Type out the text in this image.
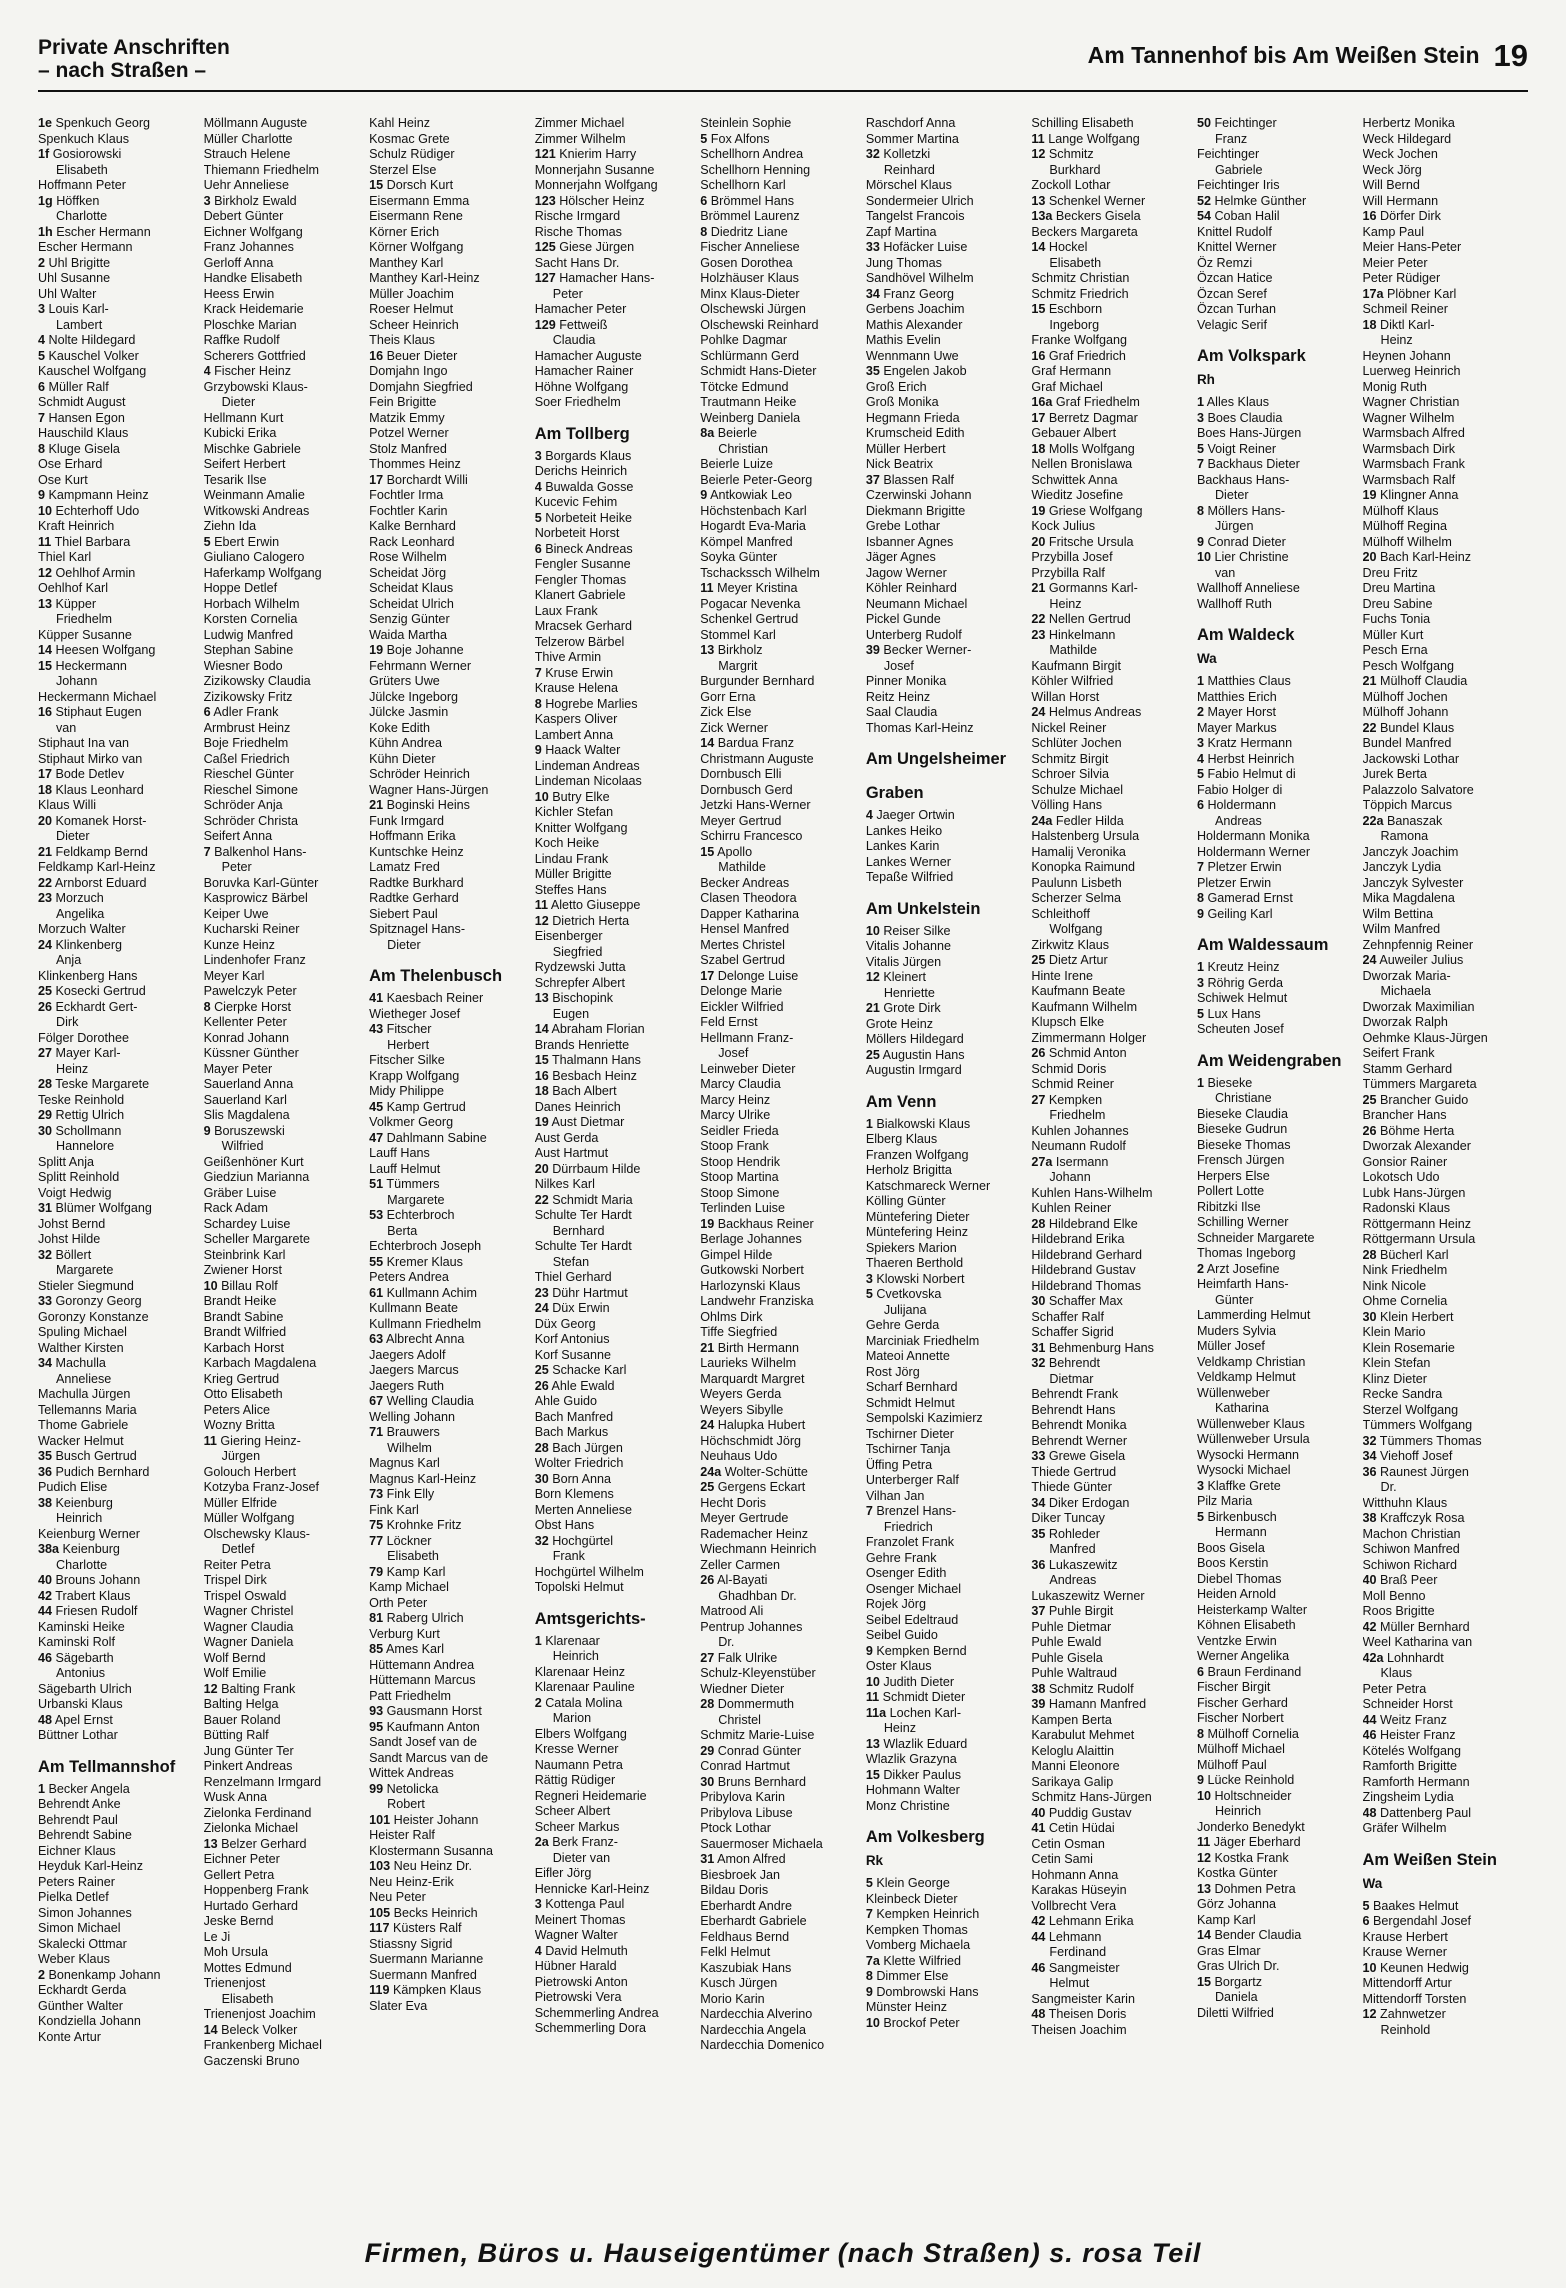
Private Anschriften
– nach Straßen –
Am Tannenhof bis Am Weißen Stein 19
1e Spenkuch Georg
Spenkuch Klaus
1f Gosiorowski
Elisabeth
Hoffmann Peter
1g Höffken
Charlotte
1h Escher Hermann
Escher Hermann
2 Uhl Brigitte
Uhl Susanne
Uhl Walter
3 Louis Karl-
Lambert
4 Nolte Hildegard
5 Kauschel Volker
Kauschel Wolfgang
6 Müller Ralf
Schmidt August
7 Hansen Egon
Hauschild Klaus
8 Kluge Gisela
Ose Erhard
Ose Kurt
9 Kampmann Heinz
10 Echterhoff Udo
Kraft Heinrich
11 Thiel Barbara
Thiel Karl
12 Oehlhof Armin
Oehlhof Karl
13 Küpper
Friedhelm
Küpper Susanne
14 Heesen Wolfgang
15 Heckermann
Johann
Heckermann Michael
16 Stiphaut Eugen
van
Stiphaut Ina van
Stiphaut Mirko van
17 Bode Detlev
18 Klaus Leonhard
Klaus Willi
20 Komanek Horst-
Dieter
21 Feldkamp Bernd
Feldkamp Karl-Heinz
22 Arnborst Eduard
23 Morzuch
Angelika
Morzuch Walter
24 Klinkenberg
Anja
Klinkenberg Hans
25 Kosecki Gertrud
26 Eckhardt Gert-
Dirk
Fölger Dorothee
27 Mayer Karl-
Heinz
28 Teske Margarete
Teske Reinhold
29 Rettig Ulrich
30 Schollmann
Hannelore
Splitt Anja
Splitt Reinhold
Voigt Hedwig
31 Blümer Wolfgang
Johst Bernd
Johst Hilde
32 Böllert
Margarete
Stieler Siegmund
33 Goronzy Georg
Goronzy Konstanze
Spuling Michael
Walther Kirsten
34 Machulla
Anneliese
Machulla Jürgen
Tellemanns Maria
Thome Gabriele
Wacker Helmut
35 Busch Gertrud
36 Pudich Bernhard
Pudich Elise
38 Keienburg
Heinrich
Keienburg Werner
38a Keienburg
Charlotte
40 Brouns Johann
42 Trabert Klaus
44 Friesen Rudolf
Kaminski Heike
Kaminski Rolf
46 Sägebarth
Antonius
Sägebarth Ulrich
Urbanski Klaus
48 Apel Ernst
Büttner Lothar
Am Tellmannshof
1 Becker Angela
Behrendt Anke
Behrendt Paul
Behrendt Sabine
Eichner Klaus
Heyduk Karl-Heinz
Peters Rainer
Pielka Detlef
Simon Johannes
Simon Michael
Skalecki Ottmar
Weber Klaus
2 Bonenkamp Johann
Eckhardt Gerda
Günther Walter
Kondziella Johann
Konte Artur
Möllmann Auguste
Müller Charlotte
Strauch Helene
Thiemann Friedhelm
Uehr Anneliese
3 Birkholz Ewald
Debert Günter
Eichner Wolfgang
Franz Johannes
Gerloff Anna
Handke Elisabeth
Heess Erwin
Krack Heidemarie
Ploschke Marian
Raffke Rudolf
Scherers Gottfried
4 Fischer Heinz
Grzybowski Klaus-
Dieter
Hellmann Kurt
Kubicki Erika
Mischke Gabriele
Seifert Herbert
Tesarik Ilse
Weinmann Amalie
Witkowski Andreas
Ziehn Ida
5 Ebert Erwin
Giuliano Calogero
Haferkamp Wolfgang
Hoppe Detlef
Horbach Wilhelm
Korsten Cornelia
Ludwig Manfred
Stephan Sabine
Wiesner Bodo
Zizikowsky Claudia
Zizikowsky Fritz
6 Adler Frank
Armbrust Heinz
Boje Friedhelm
Caßel Friedrich
Rieschel Günter
Rieschel Simone
Schröder Anja
Schröder Christa
Seifert Anna
7 Balkenhol Hans-
Peter
Boruvka Karl-Günter
Kasprowicz Bärbel
Keiper Uwe
Kucharski Reiner
Kunze Heinz
Lindenhofer Franz
Meyer Karl
Pawelczyk Peter
8 Cierpke Horst
Kellenter Peter
Konrad Johann
Küssner Günther
Mayer Peter
Sauerland Anna
Sauerland Karl
Slis Magdalena
9 Boruszewski
Wilfried
Geißenhöner Kurt
Giedziun Marianna
Gräber Luise
Rack Adam
Schardey Luise
Scheller Margarete
Steinbrink Karl
Zwiener Horst
10 Billau Rolf
Brandt Heike
Brandt Sabine
Brandt Wilfried
Karbach Horst
Karbach Magdalena
Krieg Gertrud
Otto Elisabeth
Peters Alice
Wozny Britta
11 Giering Heinz-
Jürgen
Golouch Herbert
Kotzyba Franz-Josef
Müller Elfride
Müller Wolfgang
Olschewsky Klaus-
Detlef
Reiter Petra
Trispel Dirk
Trispel Oswald
Wagner Christel
Wagner Claudia
Wagner Daniela
Wolf Bernd
Wolf Emilie
12 Balting Frank
Balting Helga
Bauer Roland
Bütting Ralf
Jung Günter Ter
Pinkert Andreas
Renzelmann Irmgard
Wusk Anna
Zielonka Ferdinand
Zielonka Michael
13 Belzer Gerhard
Eichner Peter
Gellert Petra
Hoppenberg Frank
Hurtado Gerhard
Jeske Bernd
Le Ji
Moh Ursula
Mottes Edmund
Trienenjost
Elisabeth
Trienenjost Joachim
14 Beleck Volker
Frankenberg Michael
Gaczenski Bruno
Kahl Heinz
Kosmac Grete
Schulz Rüdiger
Sterzel Else
15 Dorsch Kurt
Eisermann Emma
Eisermann Rene
Körner Erich
Körner Wolfgang
Manthey Karl
Manthey Karl-Heinz
Müller Joachim
Roeser Helmut
Scheer Heinrich
Theis Klaus
16 Beuer Dieter
Domjahn Ingo
Domjahn Siegfried
Fein Brigitte
Matzik Emmy
Potzel Werner
Stolz Manfred
Thommes Heinz
17 Borchardt Willi
Fochtler Irma
Fochtler Karin
Kalke Bernhard
Rack Leonhard
Rose Wilhelm
Scheidat Jörg
Scheidat Klaus
Scheidat Ulrich
Senzig Günter
Waida Martha
19 Boje Johanne
Fehrmann Werner
Grüters Uwe
Jülcke Ingeborg
Jülcke Jasmin
Koke Edith
Kühn Andrea
Kühn Dieter
Schröder Heinrich
Wagner Hans-Jürgen
21 Boginski Heins
Funk Irmgard
Hoffmann Erika
Kuntschke Heinz
Lamatz Fred
Radtke Burkhard
Radtke Gerhard
Siebert Paul
Spitznagel Hans-
Dieter
Am Thelenbusch
41 Kaesbach Reiner
Wietheger Josef
43 Fitscher
Herbert
Fitscher Silke
Krapp Wolfgang
Midy Philippe
45 Kamp Gertrud
Volkmer Georg
47 Dahlmann Sabine
Lauff Hans
Lauff Helmut
51 Tümmers
Margarete
53 Echterbroch
Berta
Echterbroch Joseph
55 Kremer Klaus
Peters Andrea
61 Kullmann Achim
Kullmann Beate
Kullmann Friedhelm
63 Albrecht Anna
Jaegers Adolf
Jaegers Marcus
Jaegers Ruth
67 Welling Claudia
Welling Johann
71 Brauwers
Wilhelm
Magnus Karl
Magnus Karl-Heinz
73 Fink Elly
Fink Karl
75 Krohnke Fritz
77 Löckner
Elisabeth
79 Kamp Karl
Kamp Michael
Orth Peter
81 Raberg Ulrich
Verburg Kurt
85 Ames Karl
Hüttemann Andrea
Hüttemann Marcus
Patt Friedhelm
93 Gausmann Horst
95 Kaufmann Anton
Sandt Josef van de
Sandt Marcus van de
Wittek Andreas
99 Netolicka
Robert
101 Heister Johann
Heister Ralf
Klostermann Susanna
103 Neu Heinz Dr.
Neu Heinz-Erik
Neu Peter
105 Becks Heinrich
117 Küsters Ralf
Stiassny Sigrid
Suermann Marianne
Suermann Manfred
119 Kämpken Klaus
Slater Eva
Zimmer Michael
Zimmer Wilhelm
121 Knierim Harry
Monnerjahn Susanne
Monnerjahn Wolfgang
123 Hölscher Heinz
Rische Irmgard
Rische Thomas
125 Giese Jürgen
Sacht Hans Dr.
127 Hamacher Hans-
Peter
Hamacher Peter
129 Fettweiß
Claudia
Hamacher Auguste
Hamacher Rainer
Höhne Wolfgang
Soer Friedhelm
Am Tollberg
3 Borgards Klaus
Derichs Heinrich
4 Buwalda Gosse
Kucevic Fehim
5 Norbeteit Heike
Norbeteit Horst
6 Bineck Andreas
Fengler Susanne
Fengler Thomas
Klanert Gabriele
Laux Frank
Mracsek Gerhard
Telzerow Bärbel
Thive Armin
7 Kruse Erwin
Krause Helena
8 Hogrebe Marlies
Kaspers Oliver
Lambert Anna
9 Haack Walter
Lindeman Andreas
Lindeman Nicolaas
10 Butry Elke
Kichler Stefan
Knitter Wolfgang
Koch Heike
Lindau Frank
Müller Brigitte
Steffes Hans
11 Aletto Giuseppe
12 Dietrich Herta
Eisenberger
Siegfried
Rydzewski Jutta
Schrepfer Albert
13 Bischopink
Eugen
14 Abraham Florian
Brands Henriette
15 Thalmann Hans
16 Besbach Heinz
18 Bach Albert
Danes Heinrich
19 Aust Dietmar
Aust Gerda
Aust Hartmut
20 Dürrbaum Hilde
Nilkes Karl
22 Schmidt Maria
Schulte Ter Hardt
Bernhard
Schulte Ter Hardt
Stefan
Thiel Gerhard
23 Dühr Hartmut
24 Düx Erwin
Düx Georg
Korf Antonius
Korf Susanne
25 Schacke Karl
26 Ahle Ewald
Ahle Guido
Bach Manfred
Bach Markus
28 Bach Jürgen
Wolter Friedrich
30 Born Anna
Born Klemens
Merten Anneliese
Obst Hans
32 Hochgürtel
Frank
Hochgürtel Wilhelm
Topolski Helmut
Amtsgerichts-
1 Klarenaar
Heinrich
Klarenaar Heinz
Klarenaar Pauline
2 Catala Molina
Marion
Elbers Wolfgang
Kresse Werner
Naumann Petra
Rättig Rüdiger
Regneri Heidemarie
Scheer Albert
Scheer Markus
2a Berk Franz-
Dieter van
Eifler Jörg
Hennicke Karl-Heinz
3 Kottenga Paul
Meinert Thomas
Wagner Walter
4 David Helmuth
Hübner Harald
Pietrowski Anton
Pietrowski Vera
Schemmerling Andrea
Schemmerling Dora
Steinlein Sophie
5 Fox Alfons
Schellhorn Andrea
Schellhorn Henning
Schellhorn Karl
6 Brömmel Hans
Brömmel Laurenz
8 Diedritz Liane
Fischer Anneliese
Gosen Dorothea
Holzhäuser Klaus
Minx Klaus-Dieter
Olschewski Jürgen
Olschewski Reinhard
Pohlke Dagmar
Schlürmann Gerd
Schmidt Hans-Dieter
Tötcke Edmund
Trautmann Heike
Weinberg Daniela
8a Beierle
Christian
Beierle Luize
Beierle Peter-Georg
9 Antkowiak Leo
Höchstenbach Karl
Hogardt Eva-Maria
Kömpel Manfred
Soyka Günter
Tschackssch Wilhelm
11 Meyer Kristina
Pogacar Nevenka
Schenkel Gertrud
Stommel Karl
13 Birkholz
Margrit
Burgunder Bernhard
Gorr Erna
Zick Else
Zick Werner
14 Bardua Franz
Christmann Auguste
Dornbusch Elli
Dornbusch Gerd
Jetzki Hans-Werner
Meyer Gertrud
Schirru Francesco
15 Apollo
Mathilde
Becker Andreas
Clasen Theodora
Dapper Katharina
Hensel Manfred
Mertes Christel
Szabel Gertrud
17 Delonge Luise
Delonge Marie
Eickler Wilfried
Feld Ernst
Hellmann Franz-
Josef
Leinweber Dieter
Marcy Claudia
Marcy Heinz
Marcy Ulrike
Seidler Frieda
Stoop Frank
Stoop Hendrik
Stoop Martina
Stoop Simone
Terlinden Luise
19 Backhaus Reiner
Berlage Johannes
Gimpel Hilde
Gutkowski Norbert
Harlozynski Klaus
Landwehr Franziska
Ohlms Dirk
Tiffe Siegfried
21 Birth Hermann
Laurieks Wilhelm
Marquardt Margret
Weyers Gerda
Weyers Sibylle
24 Halupka Hubert
Höchschmidt Jörg
Neuhaus Udo
24a Wolter-Schütte
25 Gergens Eckart
Hecht Doris
Meyer Gertrude
Rademacher Heinz
Wiechmann Heinrich
Zeller Carmen
26 Al-Bayati
Ghadhban Dr.
Matrood Ali
Pentrup Johannes
Dr.
27 Falk Ulrike
Schulz-Kleyenstüber
Wiedner Dieter
28 Dommermuth
Christel
Schmitz Marie-Luise
29 Conrad Günter
Conrad Hartmut
30 Bruns Bernhard
Pribylova Karin
Pribylova Libuse
Ptock Lothar
Sauermoser Michaela
31 Amon Alfred
Biesbroek Jan
Bildau Doris
Eberhardt Andre
Eberhardt Gabriele
Feldhaus Bernd
Felkl Helmut
Kaszubiak Hans
Kusch Jürgen
Morio Karin
Nardecchia Alverino
Nardecchia Angela
Nardecchia Domenico
Raschdorf Anna
Sommer Martina
32 Kolletzki
Reinhard
Mörschel Klaus
Sondermeier Ulrich
Tangelst Francois
Zapf Martina
33 Hofäcker Luise
Jung Thomas
Sandhövel Wilhelm
34 Franz Georg
Gerbens Joachim
Mathis Alexander
Mathis Evelin
Wennmann Uwe
35 Engelen Jakob
Groß Erich
Groß Monika
Hegmann Frieda
Krumscheid Edith
Müller Herbert
Nick Beatrix
37 Blassen Ralf
Czerwinski Johann
Diekmann Brigitte
Grebe Lothar
Isbanner Agnes
Jäger Agnes
Jagow Werner
Köhler Reinhard
Neumann Michael
Pickel Gunde
Unterberg Rudolf
39 Becker Werner-
Josef
Pinner Monika
Reitz Heinz
Saal Claudia
Thomas Karl-Heinz
Am Ungelsheimer
Graben
4 Jaeger Ortwin
Lankes Heiko
Lankes Karin
Lankes Werner
Tepaße Wilfried
Am Unkelstein
10 Reiser Silke
Vitalis Johanne
Vitalis Jürgen
12 Kleinert
Henriette
21 Grote Dirk
Grote Heinz
Möllers Hildegard
25 Augustin Hans
Augustin Irmgard
Am Venn
1 Bialkowski Klaus
Elberg Klaus
Franzen Wolfgang
Herholz Brigitta
Katschmareck Werner
Kölling Günter
Müntefering Dieter
Müntefering Heinz
Spiekers Marion
Thaeren Berthold
3 Klowski Norbert
5 Cvetkovska
Julijana
Gehre Gerda
Marciniak Friedhelm
Mateoi Annette
Rost Jörg
Scharf Bernhard
Schmidt Helmut
Sempolski Kazimierz
Tschirner Dieter
Tschirner Tanja
Üffing Petra
Unterberger Ralf
Vilhan Jan
7 Brenzel Hans-
Friedrich
Franzolet Frank
Gehre Frank
Osenger Edith
Osenger Michael
Rojek Jörg
Seibel Edeltraud
Seibel Guido
9 Kempken Bernd
Oster Klaus
10 Judith Dieter
11 Schmidt Dieter
11a Lochen Karl-
Heinz
13 Wlazlik Eduard
Wlazlik Grazyna
15 Dikker Paulus
Hohmann Walter
Monz Christine
Am Volkesberg
Rk
5 Klein George
Kleinbeck Dieter
7 Kempken Heinrich
Kempken Thomas
Vomberg Michaela
7a Klette Wilfried
8 Dimmer Else
9 Dombrowski Hans
Münster Heinz
10 Brockof Peter
Schilling Elisabeth
11 Lange Wolfgang
12 Schmitz
Burkhard
Zockoll Lothar
13 Schenkel Werner
13a Beckers Gisela
Beckers Margareta
14 Hockel
Elisabeth
Schmitz Christian
Schmitz Friedrich
15 Eschborn
Ingeborg
Franke Wolfgang
16 Graf Friedrich
Graf Hermann
Graf Michael
16a Graf Friedhelm
17 Berretz Dagmar
Gebauer Albert
18 Molls Wolfgang
Nellen Bronislawa
Schwittek Anna
Wieditz Josefine
19 Griese Wolfgang
Kock Julius
20 Fritsche Ursula
Przybilla Josef
Przybilla Ralf
21 Gormanns Karl-
Heinz
22 Nellen Gertrud
23 Hinkelmann
Mathilde
Kaufmann Birgit
Köhler Wilfried
Willan Horst
24 Helmus Andreas
Nickel Reiner
Schlüter Jochen
Schmitz Birgit
Schroer Silvia
Schulze Michael
Völling Hans
24a Fedler Hilda
Halstenberg Ursula
Hamalij Veronika
Konopka Raimund
Paulunn Lisbeth
Scherzer Selma
Schleithoff
Wolfgang
Zirkwitz Klaus
25 Dietz Artur
Hinte Irene
Kaufmann Beate
Kaufmann Wilhelm
Klupsch Elke
Zimmermann Holger
26 Schmid Anton
Schmid Doris
Schmid Reiner
27 Kempken
Friedhelm
Kuhlen Johannes
Neumann Rudolf
27a Isermann
Johann
Kuhlen Hans-Wilhelm
Kuhlen Reiner
28 Hildebrand Elke
Hildebrand Erika
Hildebrand Gerhard
Hildebrand Gustav
Hildebrand Thomas
30 Schaffer Max
Schaffer Ralf
Schaffer Sigrid
31 Behmenburg Hans
32 Behrendt
Dietmar
Behrendt Frank
Behrendt Hans
Behrendt Monika
Behrendt Werner
33 Grewe Gisela
Thiede Gertrud
Thiede Günter
34 Diker Erdogan
Diker Tuncay
35 Rohleder
Manfred
36 Lukaszewitz
Andreas
Lukaszewitz Werner
37 Puhle Birgit
Puhle Dietmar
Puhle Ewald
Puhle Gisela
Puhle Waltraud
38 Schmitz Rudolf
39 Hamann Manfred
Kampen Berta
Karabulut Mehmet
Keloglu Alaittin
Manni Eleonore
Sarikaya Galip
Schmitz Hans-Jürgen
40 Puddig Gustav
41 Cetin Hüdai
Cetin Osman
Cetin Sami
Hohmann Anna
Karakas Hüseyin
Vollbrecht Vera
42 Lehmann Erika
44 Lehmann
Ferdinand
46 Sangmeister
Helmut
Sangmeister Karin
48 Theisen Doris
Theisen Joachim
50 Feichtinger
Franz
Feichtinger
Gabriele
Feichtinger Iris
52 Helmke Günther
54 Coban Halil
Knittel Rudolf
Knittel Werner
Öz Remzi
Özcan Hatice
Özcan Seref
Özcan Turhan
Velagic Serif
Am Volkspark
Rh
1 Alles Klaus
3 Boes Claudia
Boes Hans-Jürgen
5 Voigt Reiner
7 Backhaus Dieter
Backhaus Hans-
Dieter
8 Möllers Hans-
Jürgen
9 Conrad Dieter
10 Lier Christine
van
Wallhoff Anneliese
Wallhoff Ruth
Am Waldeck
Wa
1 Matthies Claus
Matthies Erich
2 Mayer Horst
Mayer Markus
3 Kratz Hermann
4 Herbst Heinrich
5 Fabio Helmut di
Fabio Holger di
6 Holdermann
Andreas
Holdermann Monika
Holdermann Werner
7 Pletzer Erwin
Pletzer Erwin
8 Gamerad Ernst
9 Geiling Karl
Am Waldessaum
1 Kreutz Heinz
3 Röhrig Gerda
Schiwek Helmut
5 Lux Hans
Scheuten Josef
Am Weidengraben
1 Bieseke
Christiane
Bieseke Claudia
Bieseke Gudrun
Bieseke Thomas
Frensch Jürgen
Herpers Else
Pollert Lotte
Ribitzki Ilse
Schilling Werner
Schneider Margarete
Thomas Ingeborg
2 Arzt Josefine
Heimfarth Hans-
Günter
Lammerding Helmut
Muders Sylvia
Müller Josef
Veldkamp Christian
Veldkamp Helmut
Wüllenweber
Katharina
Wüllenweber Klaus
Wüllenweber Ursula
Wysocki Hermann
Wysocki Michael
3 Klaffke Grete
Pilz Maria
5 Birkenbusch
Hermann
Boos Gisela
Boos Kerstin
Diebel Thomas
Heiden Arnold
Heisterkamp Walter
Köhnen Elisabeth
Ventzke Erwin
Werner Angelika
6 Braun Ferdinand
Fischer Birgit
Fischer Gerhard
Fischer Norbert
8 Mülhoff Cornelia
Mülhoff Michael
Mülhoff Paul
9 Lücke Reinhold
10 Holtschneider
Heinrich
Jonderko Benedykt
11 Jäger Eberhard
12 Kostka Frank
Kostka Günter
13 Dohmen Petra
Görz Johanna
Kamp Karl
14 Bender Claudia
Gras Elmar
Gras Ulrich Dr.
15 Borgartz
Daniela
Diletti Wilfried
Herbertz Monika
Weck Hildegard
Weck Jochen
Weck Jörg
Will Bernd
Will Hermann
16 Dörfer Dirk
Kamp Paul
Meier Hans-Peter
Meier Peter
Peter Rüdiger
17a Plöbner Karl
Schmeil Reiner
18 Diktl Karl-
Heinz
Heynen Johann
Luerweg Heinrich
Monig Ruth
Wagner Christian
Wagner Wilhelm
Warmsbach Alfred
Warmsbach Dirk
Warmsbach Frank
Warmsbach Ralf
19 Klingner Anna
Mülhoff Klaus
Mülhoff Regina
Mülhoff Wilhelm
20 Bach Karl-Heinz
Dreu Fritz
Dreu Martina
Dreu Sabine
Fuchs Tonia
Müller Kurt
Pesch Erna
Pesch Wolfgang
21 Mülhoff Claudia
Mülhoff Jochen
Mülhoff Johann
22 Bundel Klaus
Bundel Manfred
Jackowski Lothar
Jurek Berta
Palazzolo Salvatore
Töppich Marcus
22a Banaszak
Ramona
Janczyk Joachim
Janczyk Lydia
Janczyk Sylvester
Mika Magdalena
Wilm Bettina
Wilm Manfred
Zehnpfennig Reiner
24 Auweiler Julius
Dworzak Maria-
Michaela
Dworzak Maximilian
Dworzak Ralph
Oehmke Klaus-Jürgen
Seifert Frank
Stamm Gerhard
Tümmers Margareta
25 Brancher Guido
Brancher Hans
26 Böhme Herta
Dworzak Alexander
Gonsior Rainer
Lokotsch Udo
Lubk Hans-Jürgen
Radonski Klaus
Röttgermann Heinz
Röttgermann Ursula
28 Bücherl Karl
Nink Friedhelm
Nink Nicole
Ohme Cornelia
30 Klein Herbert
Klein Mario
Klein Rosemarie
Klein Stefan
Klinz Dieter
Recke Sandra
Sterzel Wolfgang
Tümmers Wolfgang
32 Tümmers Thomas
34 Viehoff Josef
36 Raunest Jürgen
Dr.
Witthuhn Klaus
38 Kraffczyk Rosa
Machon Christian
Schiwon Manfred
Schiwon Richard
40 Braß Peer
Moll Benno
Roos Brigitte
42 Müller Bernhard
Weel Katharina van
42a Lohnhardt
Klaus
Peter Petra
Schneider Horst
44 Weitz Franz
46 Heister Franz
Kötelés Wolfgang
Ramforth Brigitte
Ramforth Hermann
Zingsheim Lydia
48 Dattenberg Paul
Gräfer Wilhelm
Am Weißen Stein
Wa
5 Baakes Helmut
6 Bergendahl Josef
Krause Herbert
Krause Werner
10 Keunen Hedwig
Mittendorff Artur
Mittendorff Torsten
12 Zahnwetzer
Reinhold
Firmen, Büros u. Hauseigentümer (nach Straßen) s. rosa Teil
